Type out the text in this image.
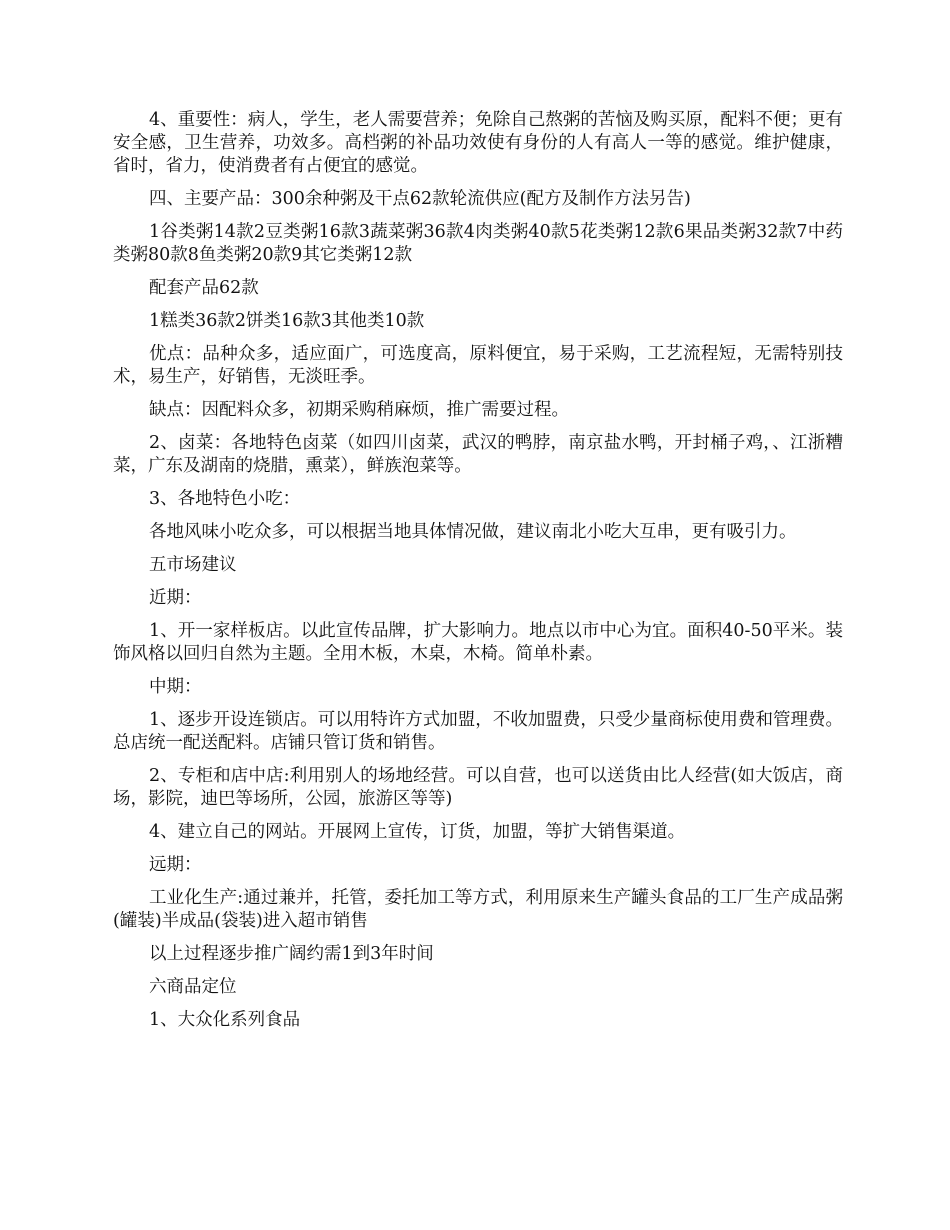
4、重要性：病人，学生，老人需要营养；免除自己熬粥的苦恼及购买原，配料不便；更有安全感，卫生营养，功效多。高档粥的补品功效使有身份的人有高人一等的感觉。维护健康，省时，省力，使消费者有占便宜的感觉。

四、主要产品：300余种粥及干点62款轮流供应(配方及制作方法另告)

1谷类粥14款2豆类粥16款3蔬菜粥36款4肉类粥40款5花类粥12款6果品类粥32款7中药类粥80款8鱼类粥20款9其它类粥12款

配套产品62款

1糕类36款2饼类16款3其他类10款

优点：品种众多，适应面广，可选度高，原料便宜，易于采购，工艺流程短，无需特别技术，易生产，好销售，无淡旺季。

缺点：因配料众多，初期采购稍麻烦，推广需要过程。

2、卤菜：各地特色卤菜（如四川卤菜，武汉的鸭脖，南京盐水鸭，开封桶子鸡，、江浙糟菜，广东及湖南的烧腊，熏菜），鲜族泡菜等。

3、各地特色小吃：

各地风味小吃众多，可以根据当地具体情况做，建议南北小吃大互串，更有吸引力。

五市场建议

近期：

1、开一家样板店。以此宣传品牌，扩大影响力。地点以市中心为宜。面积40-50平米。装饰风格以回归自然为主题。全用木板，木桌，木椅。简单朴素。

中期：

1、逐步开设连锁店。可以用特许方式加盟，不收加盟费，只受少量商标使用费和管理费。总店统一配送配料。店铺只管订货和销售。

2、专柜和店中店:利用别人的场地经营。可以自营，也可以送货由比人经营(如大饭店，商场，影院，迪巴等场所，公园，旅游区等等)

4、建立自己的网站。开展网上宣传，订货，加盟，等扩大销售渠道。

远期：

工业化生产:通过兼并，托管，委托加工等方式，利用原来生产罐头食品的工厂生产成品粥(罐装)半成品(袋装)进入超市销售

以上过程逐步推广阔约需1到3年时间

六商品定位

1、大众化系列食品
